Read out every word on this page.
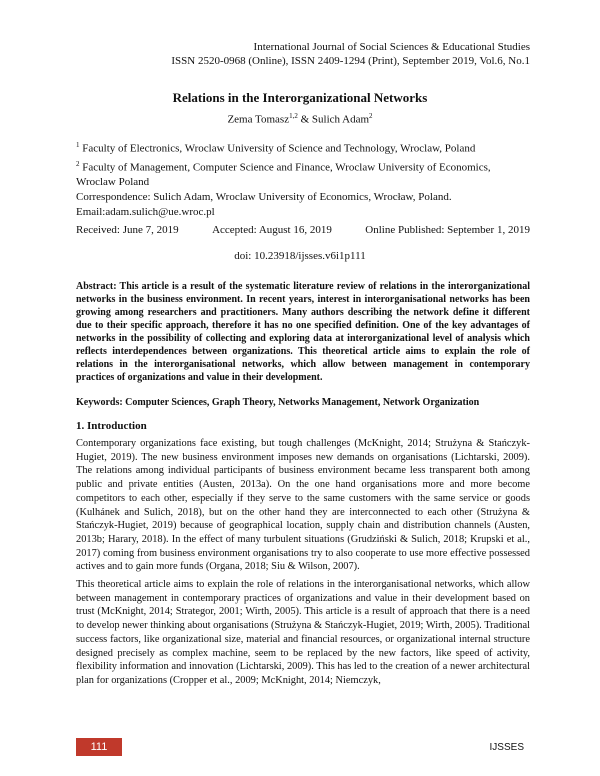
International Journal of Social Sciences & Educational Studies
ISSN 2520-0968 (Online), ISSN 2409-1294 (Print), September 2019, Vol.6, No.1
Relations in the Interorganizational Networks
Zema Tomasz$^{1,2}$ & Sulich Adam$^2$
$^1$ Faculty of Electronics, Wroclaw University of Science and Technology, Wroclaw, Poland
$^2$ Faculty of Management, Computer Science and Finance, Wroclaw University of Economics, Wroclaw Poland
Correspondence: Sulich Adam, Wroclaw University of Economics, Wrocław, Poland.
Email:adam.sulich@ue.wroc.pl
Received: June 7, 2019	Accepted: August 16, 2019	Online Published: September 1, 2019
doi: 10.23918/ijsses.v6i1p111
Abstract: This article is a result of the systematic literature review of relations in the interorganizational networks in the business environment. In recent years, interest in interorganisational networks has been growing among researchers and practitioners. Many authors describing the network define it different due to their specific approach, therefore it has no one specified definition. One of the key advantages of networks in the possibility of collecting and exploring data at interorganizational level of analysis which reflects interdependences between organizations. This theoretical article aims to explain the role of relations in the interorganisational networks, which allow between management in contemporary practices of organizations and value in their development.
Keywords: Computer Sciences, Graph Theory, Networks Management, Network Organization
1. Introduction

Contemporary organizations face existing, but tough challenges (McKnight, 2014; Strużyna & Stańczyk-Hugiet, 2019). The new business environment imposes new demands on organisations (Lichtarski, 2009). The relations among individual participants of business environment became less transparent both among public and private entities (Austen, 2013a). On the one hand organisations more and more become competitors to each other, especially if they serve to the same customers with the same service or goods (Kulhánek and Sulich, 2018), but on the other hand they are interconnected to each other (Strużyna & Stańczyk-Hugiet, 2019) because of geographical location, supply chain and distribution channels (Austen, 2013b; Harary, 2018). In the effect of many turbulent situations (Grudziński & Sulich, 2018; Krupski et al., 2017) coming from business environment organisations try to also cooperate to use more effective possessed actives and to gain more funds (Organa, 2018; Siu & Wilson, 2007).

This theoretical article aims to explain the role of relations in the interorganisational networks, which allow between management in contemporary practices of organizations and value in their development based on trust (McKnight, 2014; Strategor, 2001; Wirth, 2005). This article is a result of approach that there is a need to develop newer thinking about organisations (Strużyna & Stańczyk-Hugiet, 2019; Wirth, 2005). Traditional success factors, like organizational size, material and financial resources, or organizational internal structure designed precisely as complex machine, seem to be replaced by the new factors, like speed of activity, flexibility information and innovation (Lichtarski, 2009). This has led to the creation of a newer architectural plan for organizations (Cropper et al., 2009; McKnight, 2014; Niemczyk,

111	IJSSES
